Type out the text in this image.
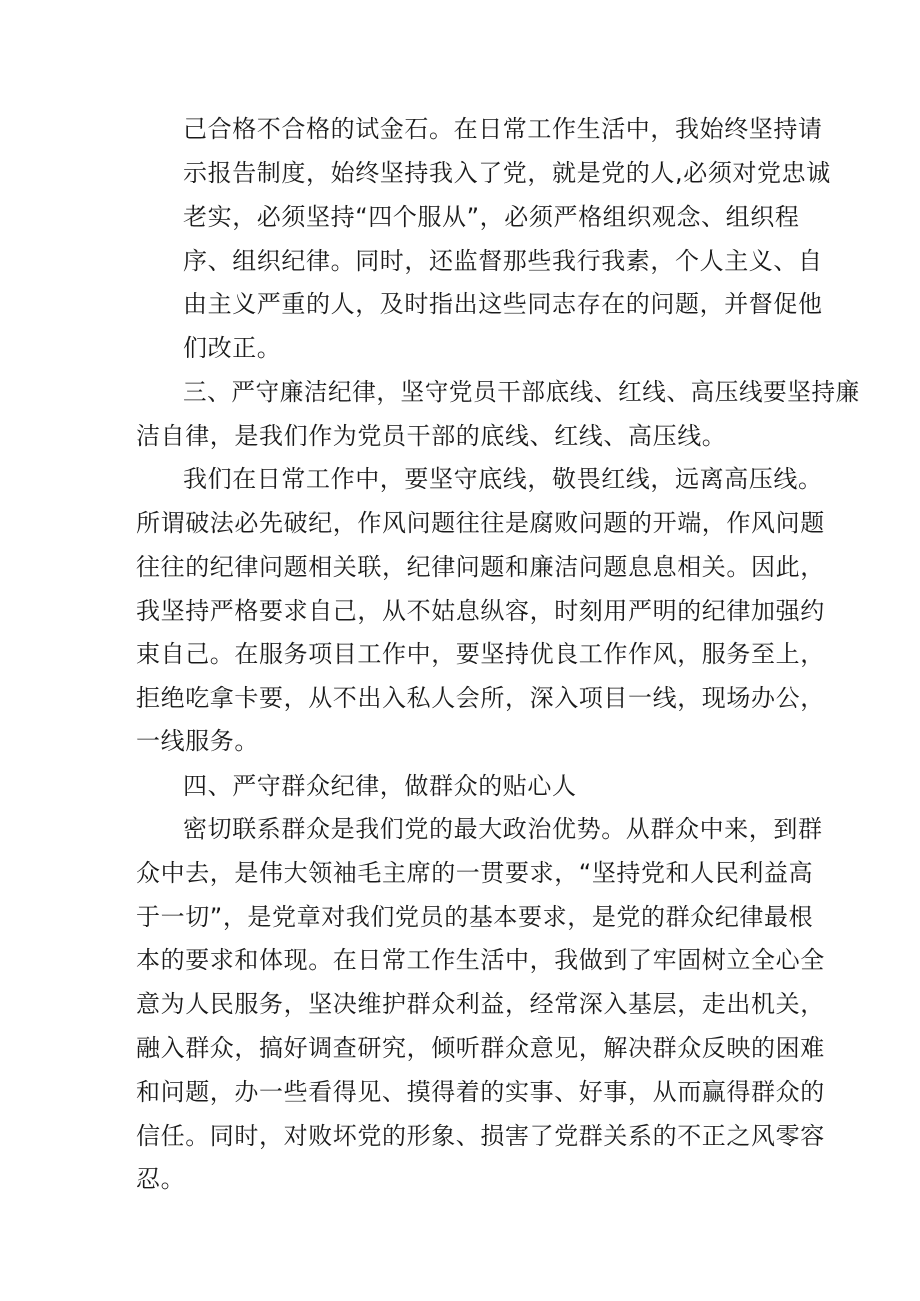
己合格不合格的试金石。在日常工作生活中，我始终坚持请
示报告制度，始终坚持我入了党，就是党的人,必须对党忠诚
老实，必须坚持“四个服从”，必须严格组织观念、组织程
序、组织纪律。同时，还监督那些我行我素，个人主义、自
由主义严重的人，及时指出这些同志存在的问题，并督促他
们改正。
三、严守廉洁纪律，坚守党员干部底线、红线、高压线要坚持廉
洁自律，是我们作为党员干部的底线、红线、高压线。
我们在日常工作中，要坚守底线，敬畏红线，远离高压线。
所谓破法必先破纪，作风问题往往是腐败问题的开端，作风问题
往往的纪律问题相关联，纪律问题和廉洁问题息息相关。因此，
我坚持严格要求自己，从不姑息纵容，时刻用严明的纪律加强约
束自己。在服务项目工作中，要坚持优良工作作风，服务至上，
拒绝吃拿卡要，从不出入私人会所，深入项目一线，现场办公，
一线服务。
四、严守群众纪律，做群众的贴心人
密切联系群众是我们党的最大政治优势。从群众中来，到群
众中去，是伟大领袖毛主席的一贯要求，“坚持党和人民利益高
于一切”，是党章对我们党员的基本要求，是党的群众纪律最根
本的要求和体现。在日常工作生活中，我做到了牢固树立全心全
意为人民服务，坚决维护群众利益，经常深入基层，走出机关，
融入群众，搞好调查研究，倾听群众意见，解决群众反映的困难
和问题，办一些看得见、摸得着的实事、好事，从而赢得群众的
信任。同时，对败坏党的形象、损害了党群关系的不正之风零容
忍。
